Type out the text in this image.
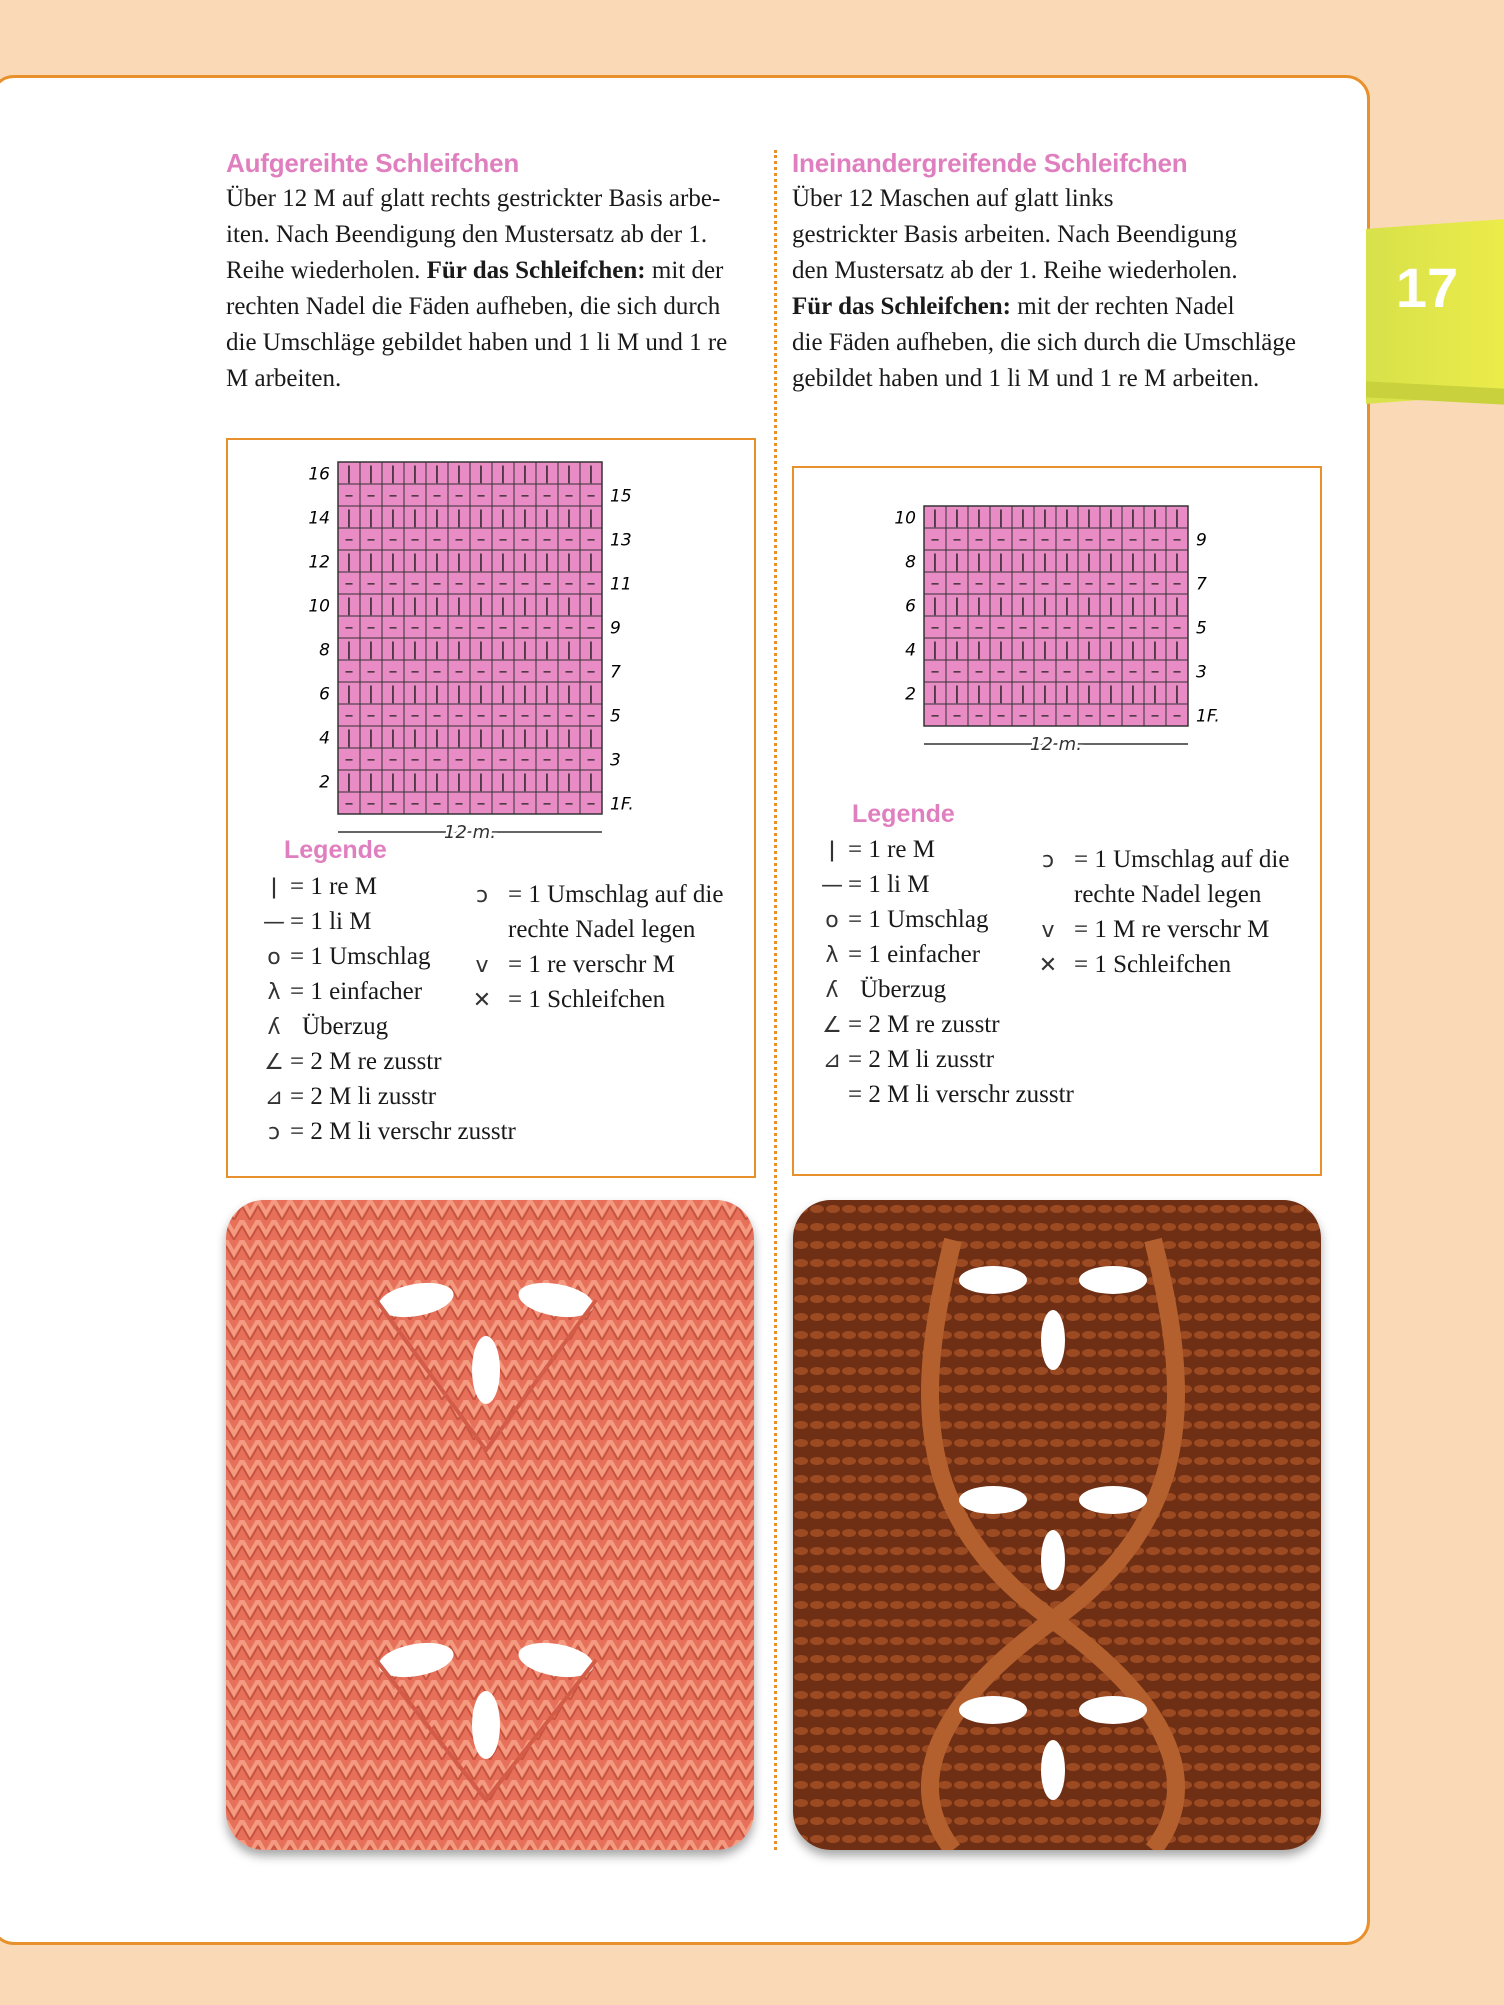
17
Aufgereihte Schleifchen

Über 12 M auf glatt rechts gestrickter Basis arbe-
iten. Nach Beendigung den Mustersatz ab der 1.
Reihe wiederholen. Für das Schleifchen: mit der
rechten Nadel die Fäden aufheben, die sich durch
die Umschläge gebildet haben und 1 li M und 1 re
M arbeiten.

Ineinandergreifende Schleifchen

Über 12 Maschen auf glatt links
gestrickter Basis arbeiten. Nach Beendigung
den Mustersatz ab der 1. Reihe wiederholen.
Für das Schleifchen: mit der rechten Nadel
die Fäden aufheben, die sich durch die Umschläge
gebildet haben und 1 li M und 1 re M arbeiten.

| | | | | | | | | | | |
– – – – – – – – – – – –
| | | | | | | | | | | |
– – – – – – – – – – – –
| | | | | | | | | | | |
– – – – – – – – – – – –
| | | | | | | | | | | |
– – – – – – – – – – – –
| | | | | | | | | | | |
– – – – – – – – – – – –
| | | | | | | | | | | |
– – – – – – – – – – – –
| | | | | | | | | | | |
– – – – – – – – – – – –
| | | | | | | | | | | |
– – – – – – – – – – – –
16
14
12
10
8
6
4
2
15
13
11
9
7
5
3
1F.
12 m.
Legende
ǀ = 1 re M
— = 1 li M
o = 1 Umschlag
λ = 1 einfacher
ʎ Überzug
∠ = 2 M re zusstr
⊿ = 2 M li zusstr
ɔ = 2 M li verschr zusstr
ɔ = 1 Umschlag auf die
rechte Nadel legen
v = 1 re verschr M
✕ = 1 Schleifchen
| | | | | | | | | | | |
– – – – – – – – – – – –
| | | | | | | | | | | |
– – – – – – – – – – – –
| | | | | | | | | | | |
– – – – – – – – – – – –
| | | | | | | | | | | |
– – – – – – – – – – – –
| | | | | | | | | | | |
– – – – – – – – – – – –
10
8
6
4
2
9
7
5
3
1F.
12 m.
Legende
ǀ = 1 re M
— = 1 li M
o = 1 Umschlag
λ = 1 einfacher
ʎ Überzug
∠ = 2 M re zusstr
⊿ = 2 M li zusstr
= 2 M li verschr zusstr
ɔ = 1 Umschlag auf die
rechte Nadel legen
v = 1 M re verschr M
✕ = 1 Schleifchen
